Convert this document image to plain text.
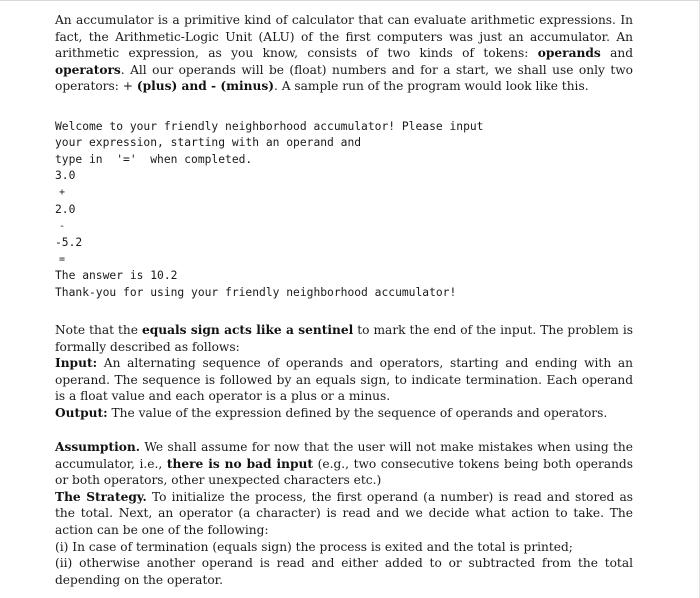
An accumulator is a primitive kind of calculator that can evaluate arithmetic expressions. In fact, the Arithmetic-Logic Unit (ALU) of the first computers was just an accumulator. An arithmetic expression, as you know, consists of two kinds of tokens: operands and operators. All our operands will be (float) numbers and for a start, we shall use only two operators: + (plus) and - (minus). A sample run of the program would look like this.

Welcome to your friendly neighborhood accumulator! Please input
your expression, starting with an operand and
type in  '='  when completed.
3.0
+
2.0
-
-5.2
=
The answer is 10.2
Thank-you for using your friendly neighborhood accumulator!

Note that the equals sign acts like a sentinel to mark the end of the input. The problem is formally described as follows:
Input: An alternating sequence of operands and operators, starting and ending with an operand. The sequence is followed by an equals sign, to indicate termination. Each operand is a float value and each operator is a plus or a minus.
Output: The value of the expression defined by the sequence of operands and operators.

Assumption. We shall assume for now that the user will not make mistakes when using the accumulator, i.e., there is no bad input (e.g., two consecutive tokens being both operands or both operators, other unexpected characters etc.)
The Strategy. To initialize the process, the first operand (a number) is read and stored as the total. Next, an operator (a character) is read and we decide what action to take. The action can be one of the following:
(i) In case of termination (equals sign) the process is exited and the total is printed;
(ii) otherwise another operand is read and either added to or subtracted from the total depending on the operator.
